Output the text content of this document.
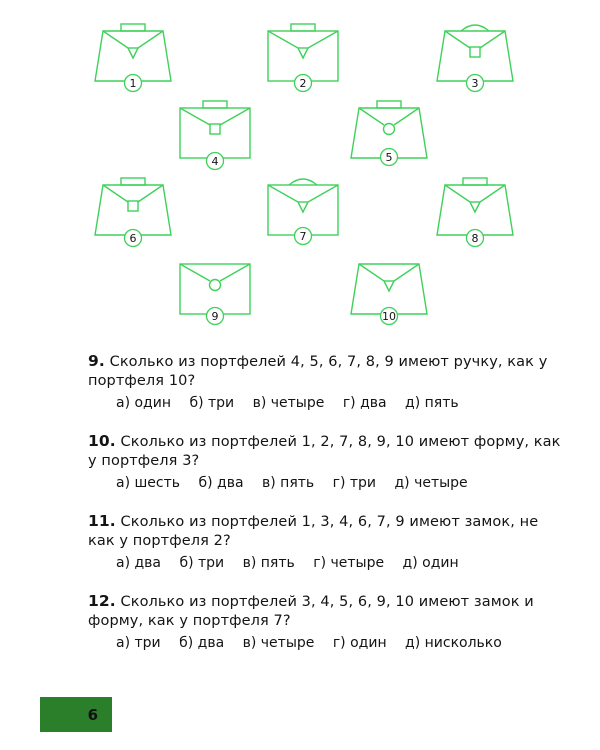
1	2	3
4	5
6	7	8
9	10
9. Сколько из портфелей 4, 5, 6, 7, 8, 9 имеют ручку, как у портфеля 10?
а) один б) три в) четыре г) два д) пять
10. Сколько из портфелей 1, 2, 7, 8, 9, 10 имеют форму, как у портфеля 3?
а) шесть б) два в) пять г) три д) четыре
11. Сколько из портфелей 1, 3, 4, 6, 7, 9 имеют замок, не как у портфеля 2?
а) два б) три в) пять г) четыре д) один
12. Сколько из портфелей 3, 4, 5, 6, 9, 10 имеют замок и форму, как у портфеля 7?
а) три б) два в) четыре г) один д) нисколько
6
